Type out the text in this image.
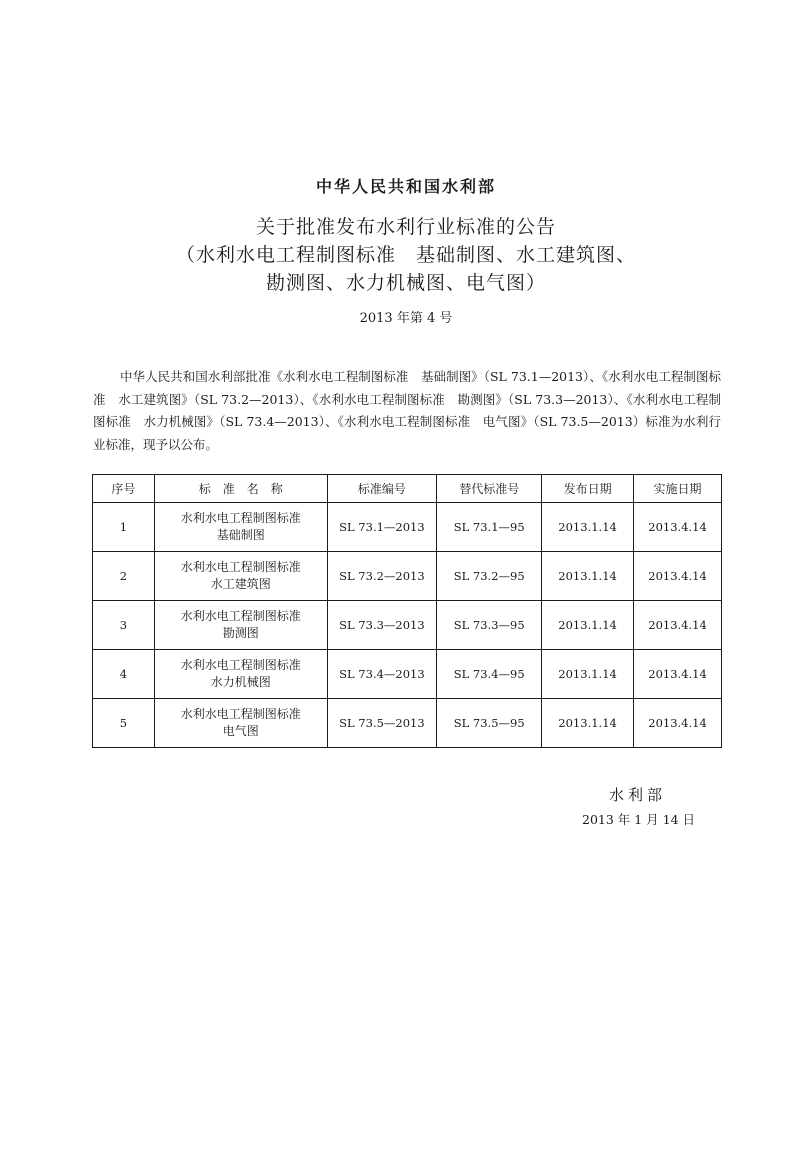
中华人民共和国水利部
关于批准发布水利行业标准的公告
（水利水电工程制图标准　基础制图、水工建筑图、
勘测图、水力机械图、电气图）
2013 年第 4 号
中华人民共和国水利部批准《水利水电工程制图标准　基础制图》（SL 73.1—2013）、《水利水电工程制图标准　水工建筑图》（SL 73.2—2013）、《水利水电工程制图标准　勘测图》（SL 73.3—2013）、《水利水电工程制图标准　水力机械图》（SL 73.4—2013）、《水利水电工程制图标准　电气图》（SL 73.5—2013）标准为水利行业标准，现予以公布。
序号	标　准　名　称	标准编号	替代标准号	发布日期	实施日期
1	水利水电工程制图标准
基础制图	SL 73.1—2013	SL 73.1—95	2013.1.14	2013.4.14
2	水利水电工程制图标准
水工建筑图	SL 73.2—2013	SL 73.2—95	2013.1.14	2013.4.14
3	水利水电工程制图标准
勘测图	SL 73.3—2013	SL 73.3—95	2013.1.14	2013.4.14
4	水利水电工程制图标准
水力机械图	SL 73.4—2013	SL 73.4—95	2013.1.14	2013.4.14
5	水利水电工程制图标准
电气图	SL 73.5—2013	SL 73.5—95	2013.1.14	2013.4.14
水利部
2013 年 1 月 14 日
